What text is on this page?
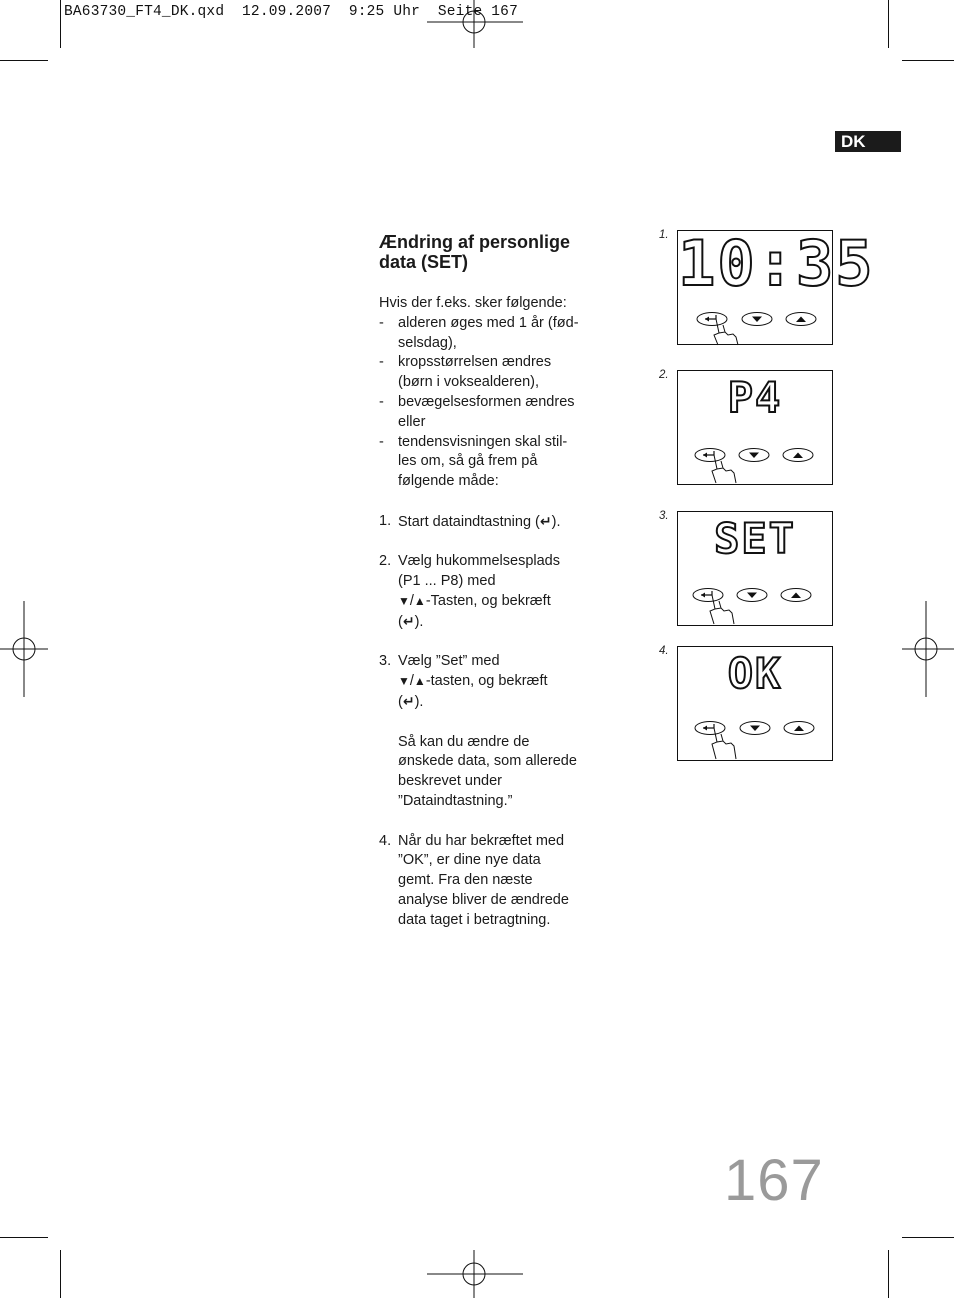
BA63730_FT4_DK.qxd  12.09.2007  9:25 Uhr  Seite 167
DK
Ændring af personlige
data (SET)

Hvis der f.eks. sker følgende:

- alderen øges med 1 år (fød-
selsdag),
- kropsstørrelsen ændres
(børn i voksealderen),
- bevægelsesformen ændres
eller
- tendensvisningen skal stil-
les om, så gå frem på
følgende måde:
1. Start dataindtastning (↵).
2. Vælg hukommelsesplads
(P1 ... P8) med
▼/▲-Tasten, og bekræft
(↵).
3. Vælg ”Set” med
▼/▲-tasten, og bekræft
(↵).
Så kan du ændre de
ønskede data, som allerede
beskrevet under
”Dataindtastning.”
4. Når du har bekræftet med
”OK”, er dine nye data
gemt. Fra den næste
analyse bliver de ændrede
data taget i betragtning.
1. 10:35
2.	P4
3.	SET
4.	OK
167
